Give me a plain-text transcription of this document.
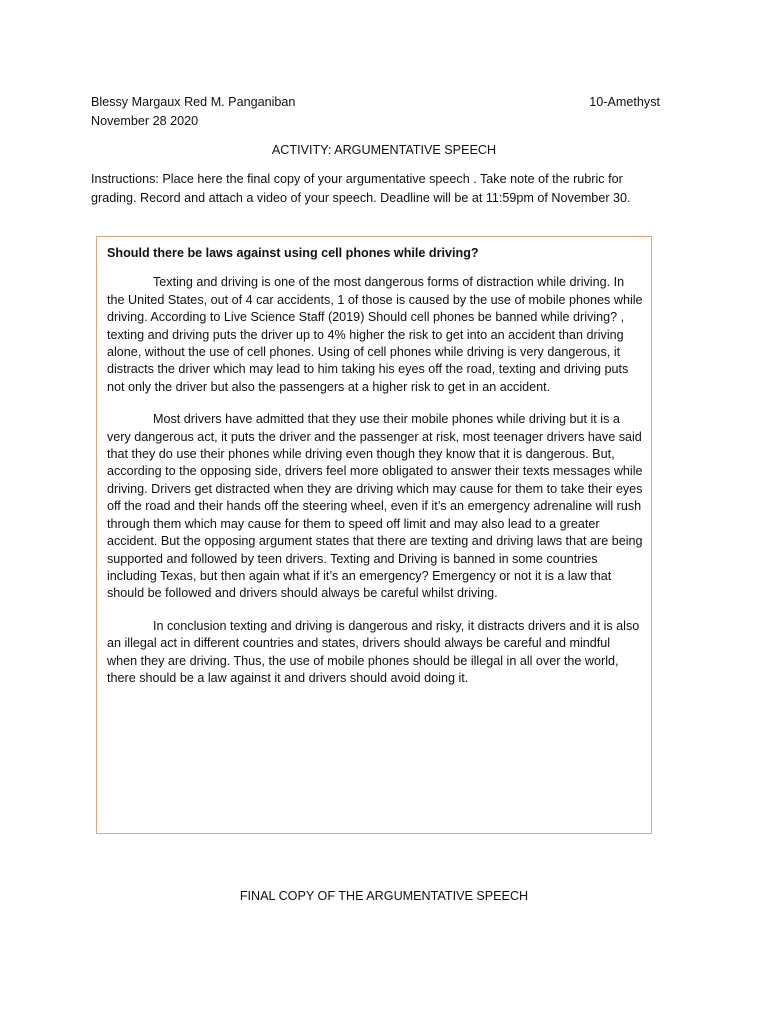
Blessy Margaux Red M. Panganiban	10-Amethyst
November 28 2020
ACTIVITY: ARGUMENTATIVE SPEECH
Instructions: Place here the final copy of your argumentative speech . Take note of the rubric for grading. Record and attach a video of your speech. Deadline will be at 11:59pm of November 30.

Should there be laws against using cell phones while driving?

Texting and driving is one of the most dangerous forms of distraction while driving. In the United States, out of 4 car accidents, 1 of those is caused by the use of mobile phones while driving. According to Live Science Staff (2019) Should cell phones be banned while driving? , texting and driving puts the driver up to 4% higher the risk to get into an accident than driving alone, without the use of cell phones. Using of cell phones while driving is very dangerous, it distracts the driver which may lead to him taking his eyes off the road, texting and driving puts not only the driver but also the passengers at a higher risk to get in an accident.

Most drivers have admitted that they use their mobile phones while driving but it is a very dangerous act, it puts the driver and the passenger at risk, most teenager drivers have said that they do use their phones while driving even though they know that it is dangerous. But, according to the opposing side, drivers feel more obligated to answer their texts messages while driving. Drivers get distracted when they are driving which may cause for them to take their eyes off the road and their hands off the steering wheel, even if it’s an emergency adrenaline will rush through them which may cause for them to speed off limit and may also lead to a greater accident. But the opposing argument states that there are texting and driving laws that are being supported and followed by teen drivers. Texting and Driving is banned in some countries including Texas, but then again what if it’s an emergency? Emergency or not it is a law that should be followed and drivers should always be careful whilst driving.

In conclusion texting and driving is dangerous and risky, it distracts drivers and it is also an illegal act in different countries and states, drivers should always be careful and mindful when they are driving. Thus, the use of mobile phones should be illegal in all over the world, there should be a law against it and drivers should avoid doing it.

FINAL COPY OF THE ARGUMENTATIVE SPEECH
